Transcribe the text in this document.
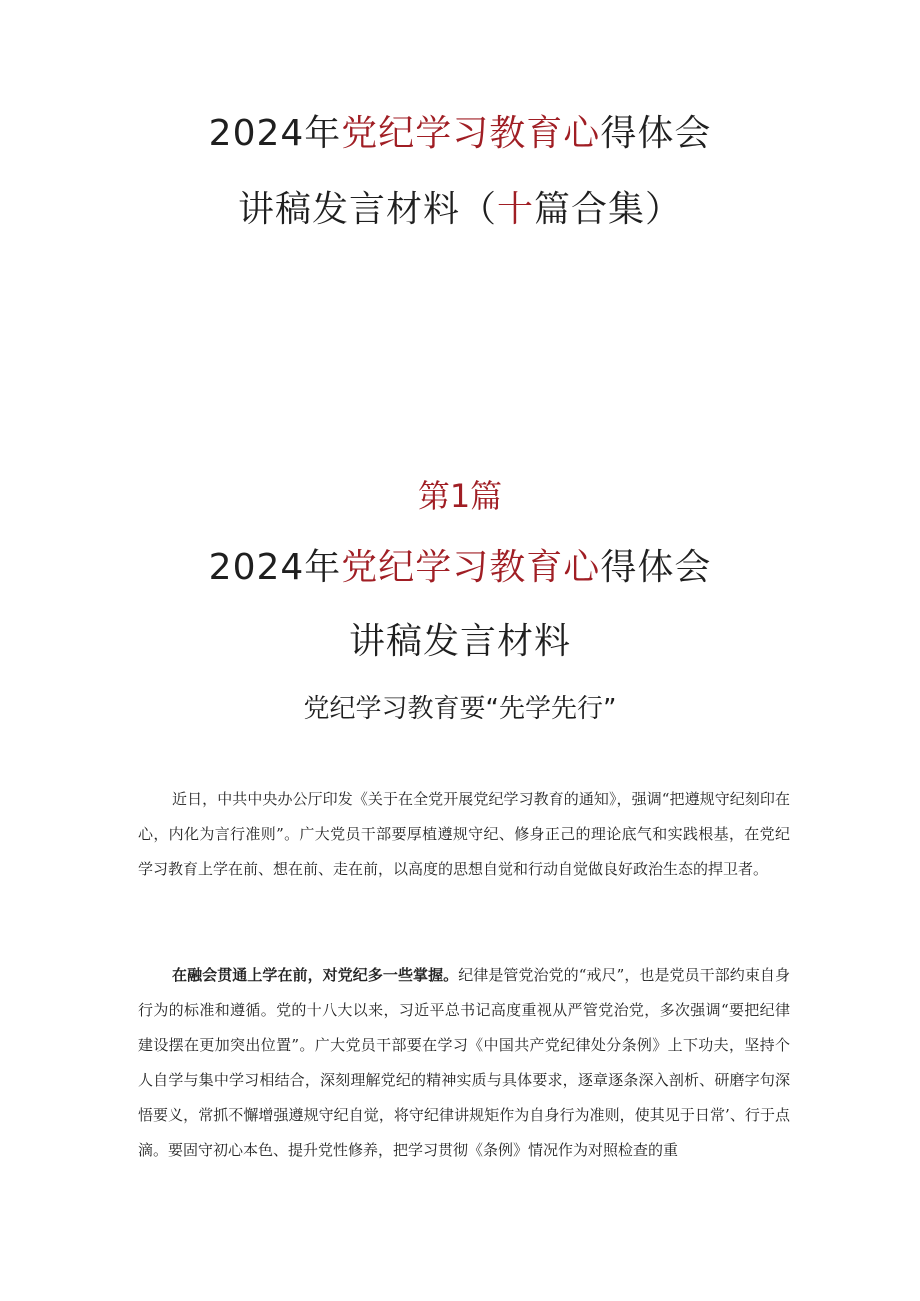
2024年党纪学习教育心得体会
讲稿发言材料（十篇合集）
第1篇
2024年党纪学习教育心得体会
讲稿发言材料
党纪学习教育要“先学先行”

近日，中共中央办公厅印发《关于在全党开展党纪学习教育的通知》，强调“把遵规守纪刻印在心，内化为言行准则”。广大党员干部要厚植遵规守纪、修身正己的理论底气和实践根基，在党纪学习教育上学在前、想在前、走在前，以高度的思想自觉和行动自觉做良好政治生态的捍卫者。

在融会贯通上学在前，对党纪多一些掌握。纪律是管党治党的“戒尺”，也是党员干部约束自身行为的标准和遵循。党的十八大以来，习近平总书记高度重视从严管党治党，多次强调“要把纪律建设摆在更加突出位置”。广大党员干部要在学习《中国共产党纪律处分条例》上下功夫，坚持个人自学与集中学习相结合，深刻理解党纪的精神实质与具体要求，逐章逐条深入剖析、研磨字句深悟要义，常抓不懈增强遵规守纪自觉，将守纪律讲规矩作为自身行为准则，使其见于日常’、行于点滴。要固守初心本色、提升党性修养，把学习贯彻《条例》情况作为对照检查的重
